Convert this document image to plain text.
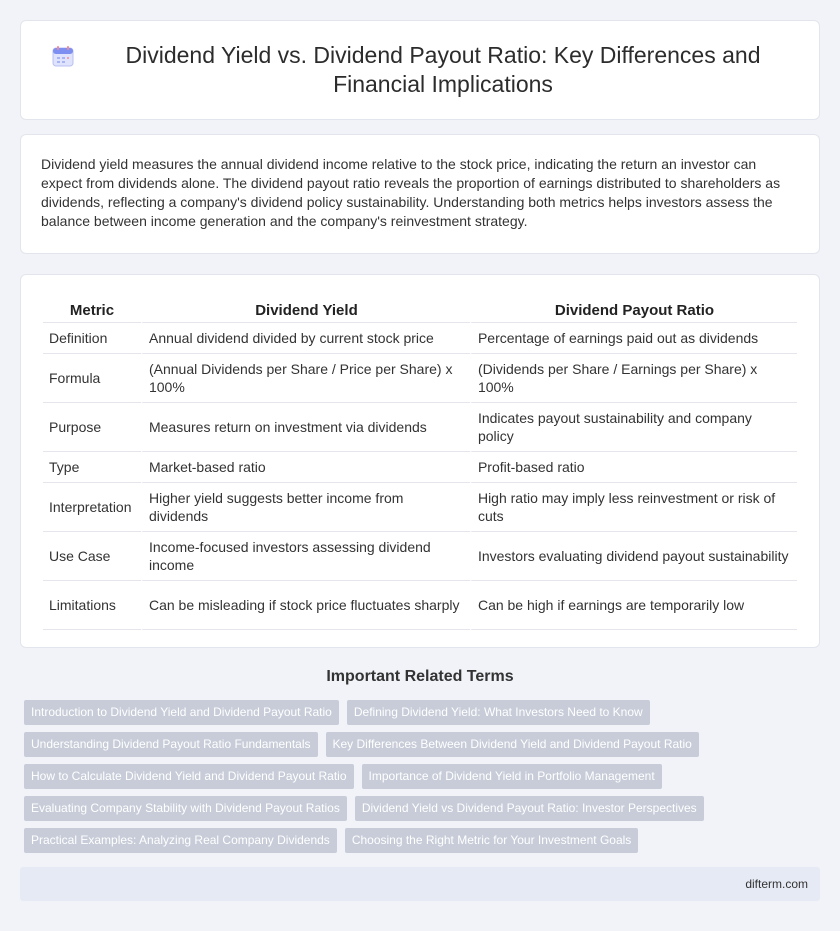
Dividend Yield vs. Dividend Payout Ratio: Key Differences and Financial Implications

Dividend yield measures the annual dividend income relative to the stock price, indicating the return an investor can expect from dividends alone. The dividend payout ratio reveals the proportion of earnings distributed to shareholders as dividends, reflecting a company's dividend policy sustainability. Understanding both metrics helps investors assess the balance between income generation and the company's reinvestment strategy.

Metric	Dividend Yield	Dividend Payout Ratio
Definition	Annual dividend divided by current stock price	Percentage of earnings paid out as dividends
Formula	(Annual Dividends per Share / Price per Share) x 100%	(Dividends per Share / Earnings per Share) x 100%
Purpose	Measures return on investment via dividends	Indicates payout sustainability and company policy
Type	Market-based ratio	Profit-based ratio
Interpretation	Higher yield suggests better income from dividends	High ratio may imply less reinvestment or risk of cuts
Use Case	Income-focused investors assessing dividend income	Investors evaluating dividend payout sustainability
Limitations	Can be misleading if stock price fluctuates sharply	Can be high if earnings are temporarily low
Important Related Terms
Introduction to Dividend Yield and Dividend Payout Ratio	Defining Dividend Yield: What Investors Need to Know
Understanding Dividend Payout Ratio Fundamentals	Key Differences Between Dividend Yield and Dividend Payout Ratio
How to Calculate Dividend Yield and Dividend Payout Ratio	Importance of Dividend Yield in Portfolio Management
Evaluating Company Stability with Dividend Payout Ratios	Dividend Yield vs Dividend Payout Ratio: Investor Perspectives
Practical Examples: Analyzing Real Company Dividends	Choosing the Right Metric for Your Investment Goals
difterm.com
